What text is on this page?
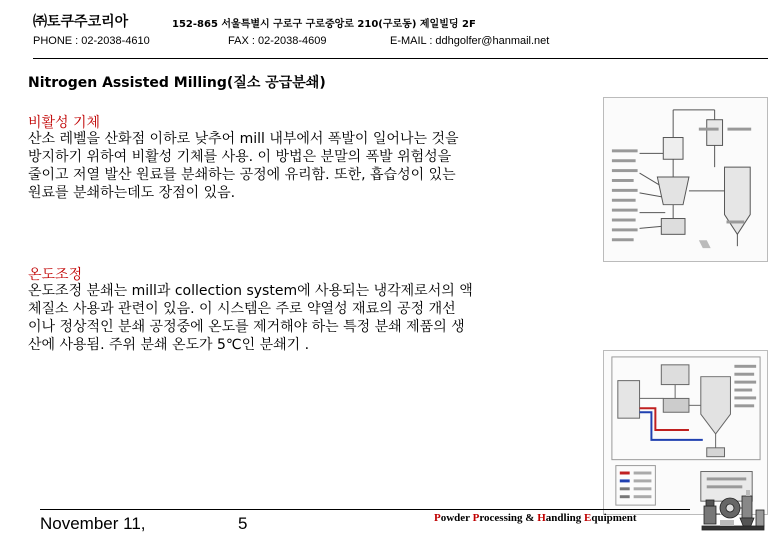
㈜토쿠주코리아	152-865 서울특별시 구로구 구로중앙로 210(구로동) 제일빌딩 2F
PHONE : 02-2038-4610	FAX : 02-2038-4609	E-MAIL : ddhgolfer@hanmail.net
Nitrogen Assisted Milling(질소 공급분쇄)
비활성 기체
산소 레벨을 산화점 이하로 낮추어 mill 내부에서 폭발이 일어나는 것을
방지하기 위하여 비활성 기체를 사용. 이 방법은 분말의 폭발 위험성을
줄이고 저열 발산 원료를 분쇄하는 공정에 유리함. 또한, 흡습성이 있는
원료를 분쇄하는데도 장점이 있음.
온도조정
온도조정 분쇄는 mill과 collection system에 사용되는 냉각제로서의 액
체질소 사용과 관련이 있음. 이 시스템은 주로 약열성 재료의 공정 개선
이나 정상적인 분쇄 공정중에 온도를 제거해야 하는 특정 분쇄 제품의 생
산에 사용됨. 주위 분쇄 온도가 5℃인 분쇄기 .
November 11,	5	Powder Processing & Handling Equipment
